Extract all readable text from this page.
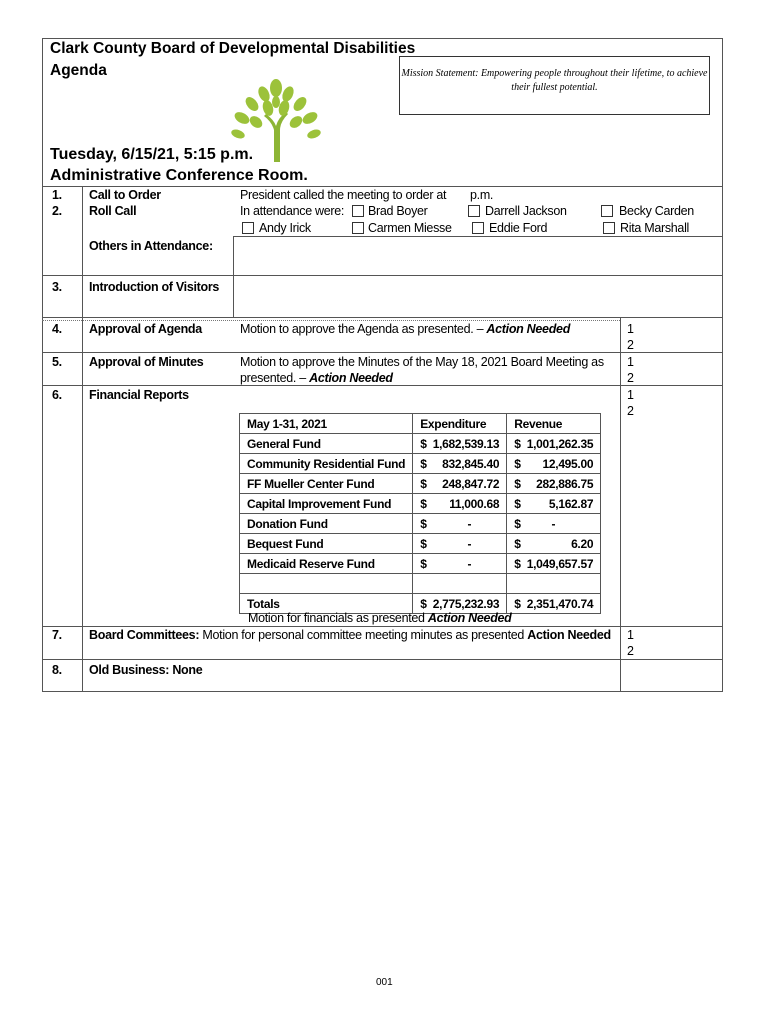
Clark County Board of Developmental Disabilities
Agenda	Mission Statement: Empowering people throughout their lifetime, to achieve their fullest potential.
Tuesday, 6/15/21, 5:15 p.m.
Administrative Conference Room.
1. Call to Order	President called the meeting to order at p.m.
2. Roll Call	In attendance were: Brad Boyer	Darrell Jackson	Becky Carden
Andy Irick	Carmen Miesse	Eddie Ford	Rita Marshall
Others in Attendance:
3. Introduction of Visitors
4. Approval of Agenda	Motion to approve the Agenda as presented. – Action Needed	1
2
5. Approval of Minutes	Motion to approve the Minutes of the May 18, 2021 Board Meeting as
presented. – Action Needed
1
2
6. Financial Reports	1
2
May 1-31, 2021	Expenditure	Revenue
General Fund	$ 1,682,539.13	$ 1,001,262.35

Community Residential Fund	$ 832,845.40	$ 12,495.00

FF Mueller Center Fund	$ 248,847.72	$ 282,886.75

Capital Improvement Fund	$ 11,000.68	$ 5,162.87

Donation Fund	$ -	$ -

Bequest Fund	$ -	$ 6.20

Medicaid Reserve Fund	$ -	$ 1,049,657.57

Totals	$ 2,775,232.93	$ 2,351,470.74
Motion for financials as presented Action Needed
7. Board Committees: Motion for personal committee meeting minutes as presented Action Needed 1
2
8. Old Business: None
001
